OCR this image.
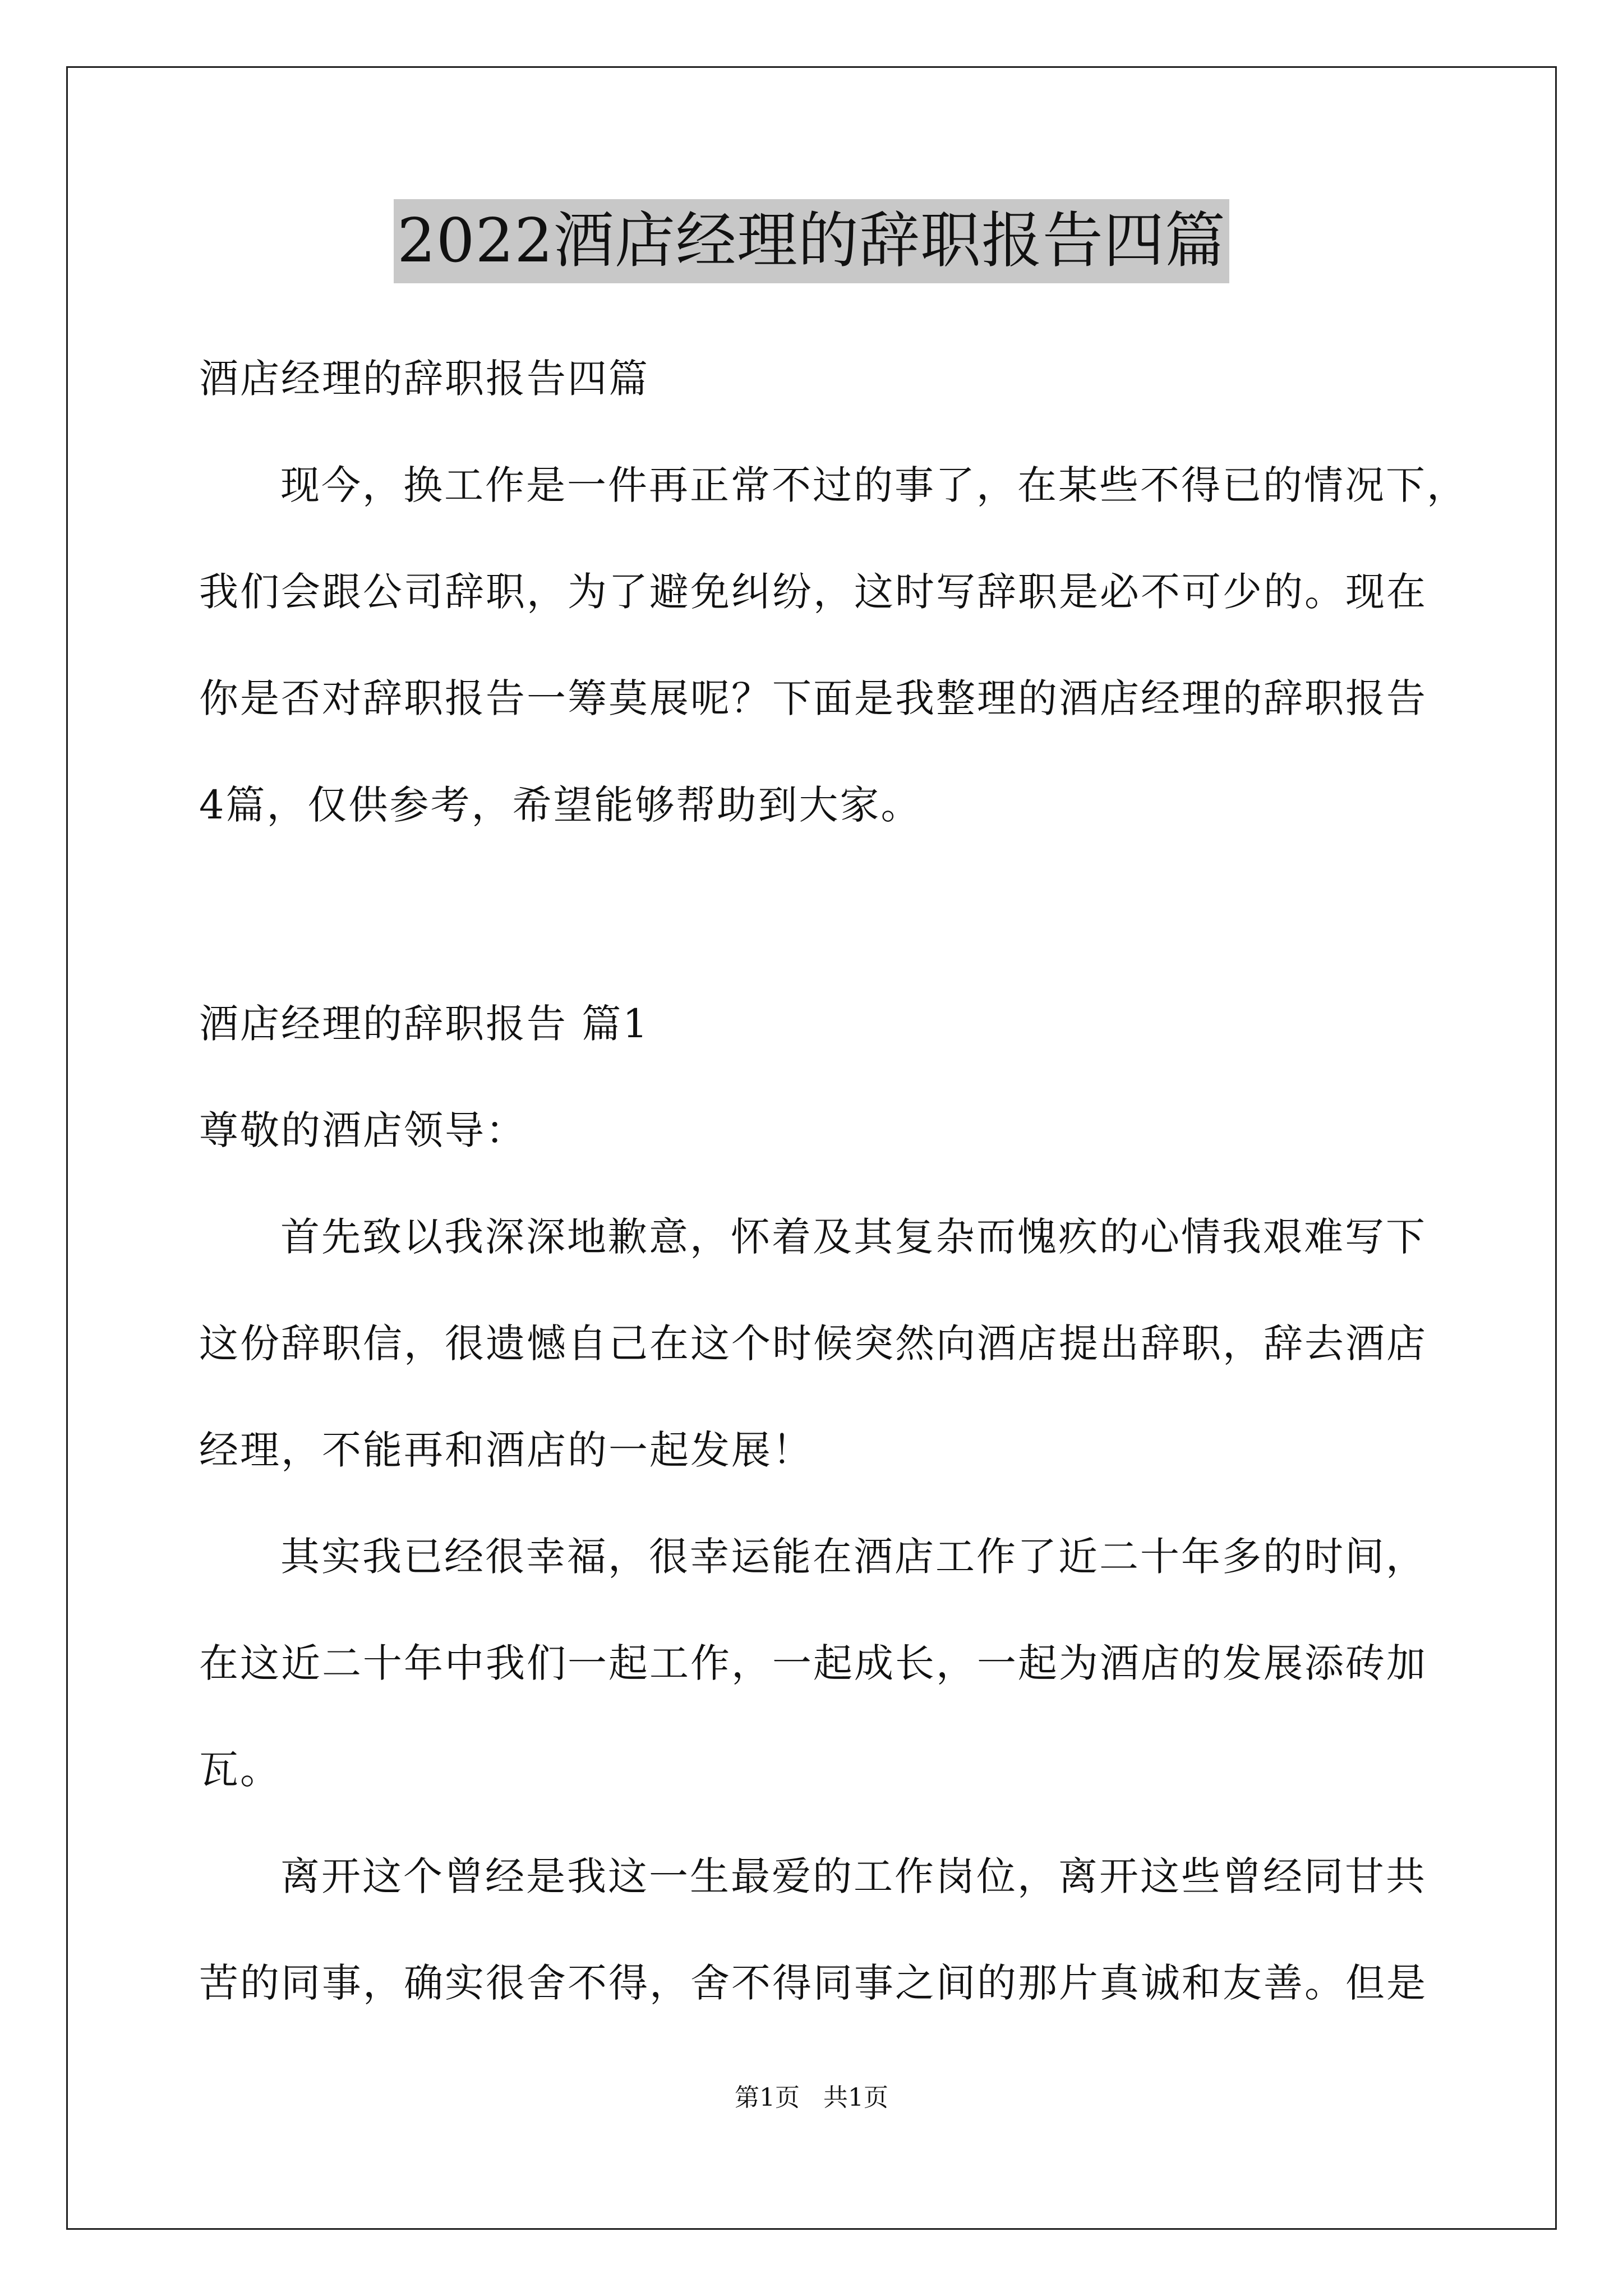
2022酒店经理的辞职报告四篇
酒店经理的辞职报告四篇
现今，换工作是一件再正常不过的事了，在某些不得已的情况下，
我们会跟公司辞职，为了避免纠纷，这时写辞职是必不可少的。现在
你是否对辞职报告一筹莫展呢？下面是我整理的酒店经理的辞职报告
4篇，仅供参考，希望能够帮助到大家。
酒店经理的辞职报告 篇1
尊敬的酒店领导：
首先致以我深深地歉意，怀着及其复杂而愧疚的心情我艰难写下
这份辞职信，很遗憾自己在这个时候突然向酒店提出辞职，辞去酒店
经理，不能再和酒店的一起发展！
其实我已经很幸福，很幸运能在酒店工作了近二十年多的时间，
在这近二十年中我们一起工作，一起成长，一起为酒店的发展添砖加
瓦。
离开这个曾经是我这一生最爱的工作岗位，离开这些曾经同甘共
苦的同事，确实很舍不得，舍不得同事之间的那片真诚和友善。但是
第1页   共1页
